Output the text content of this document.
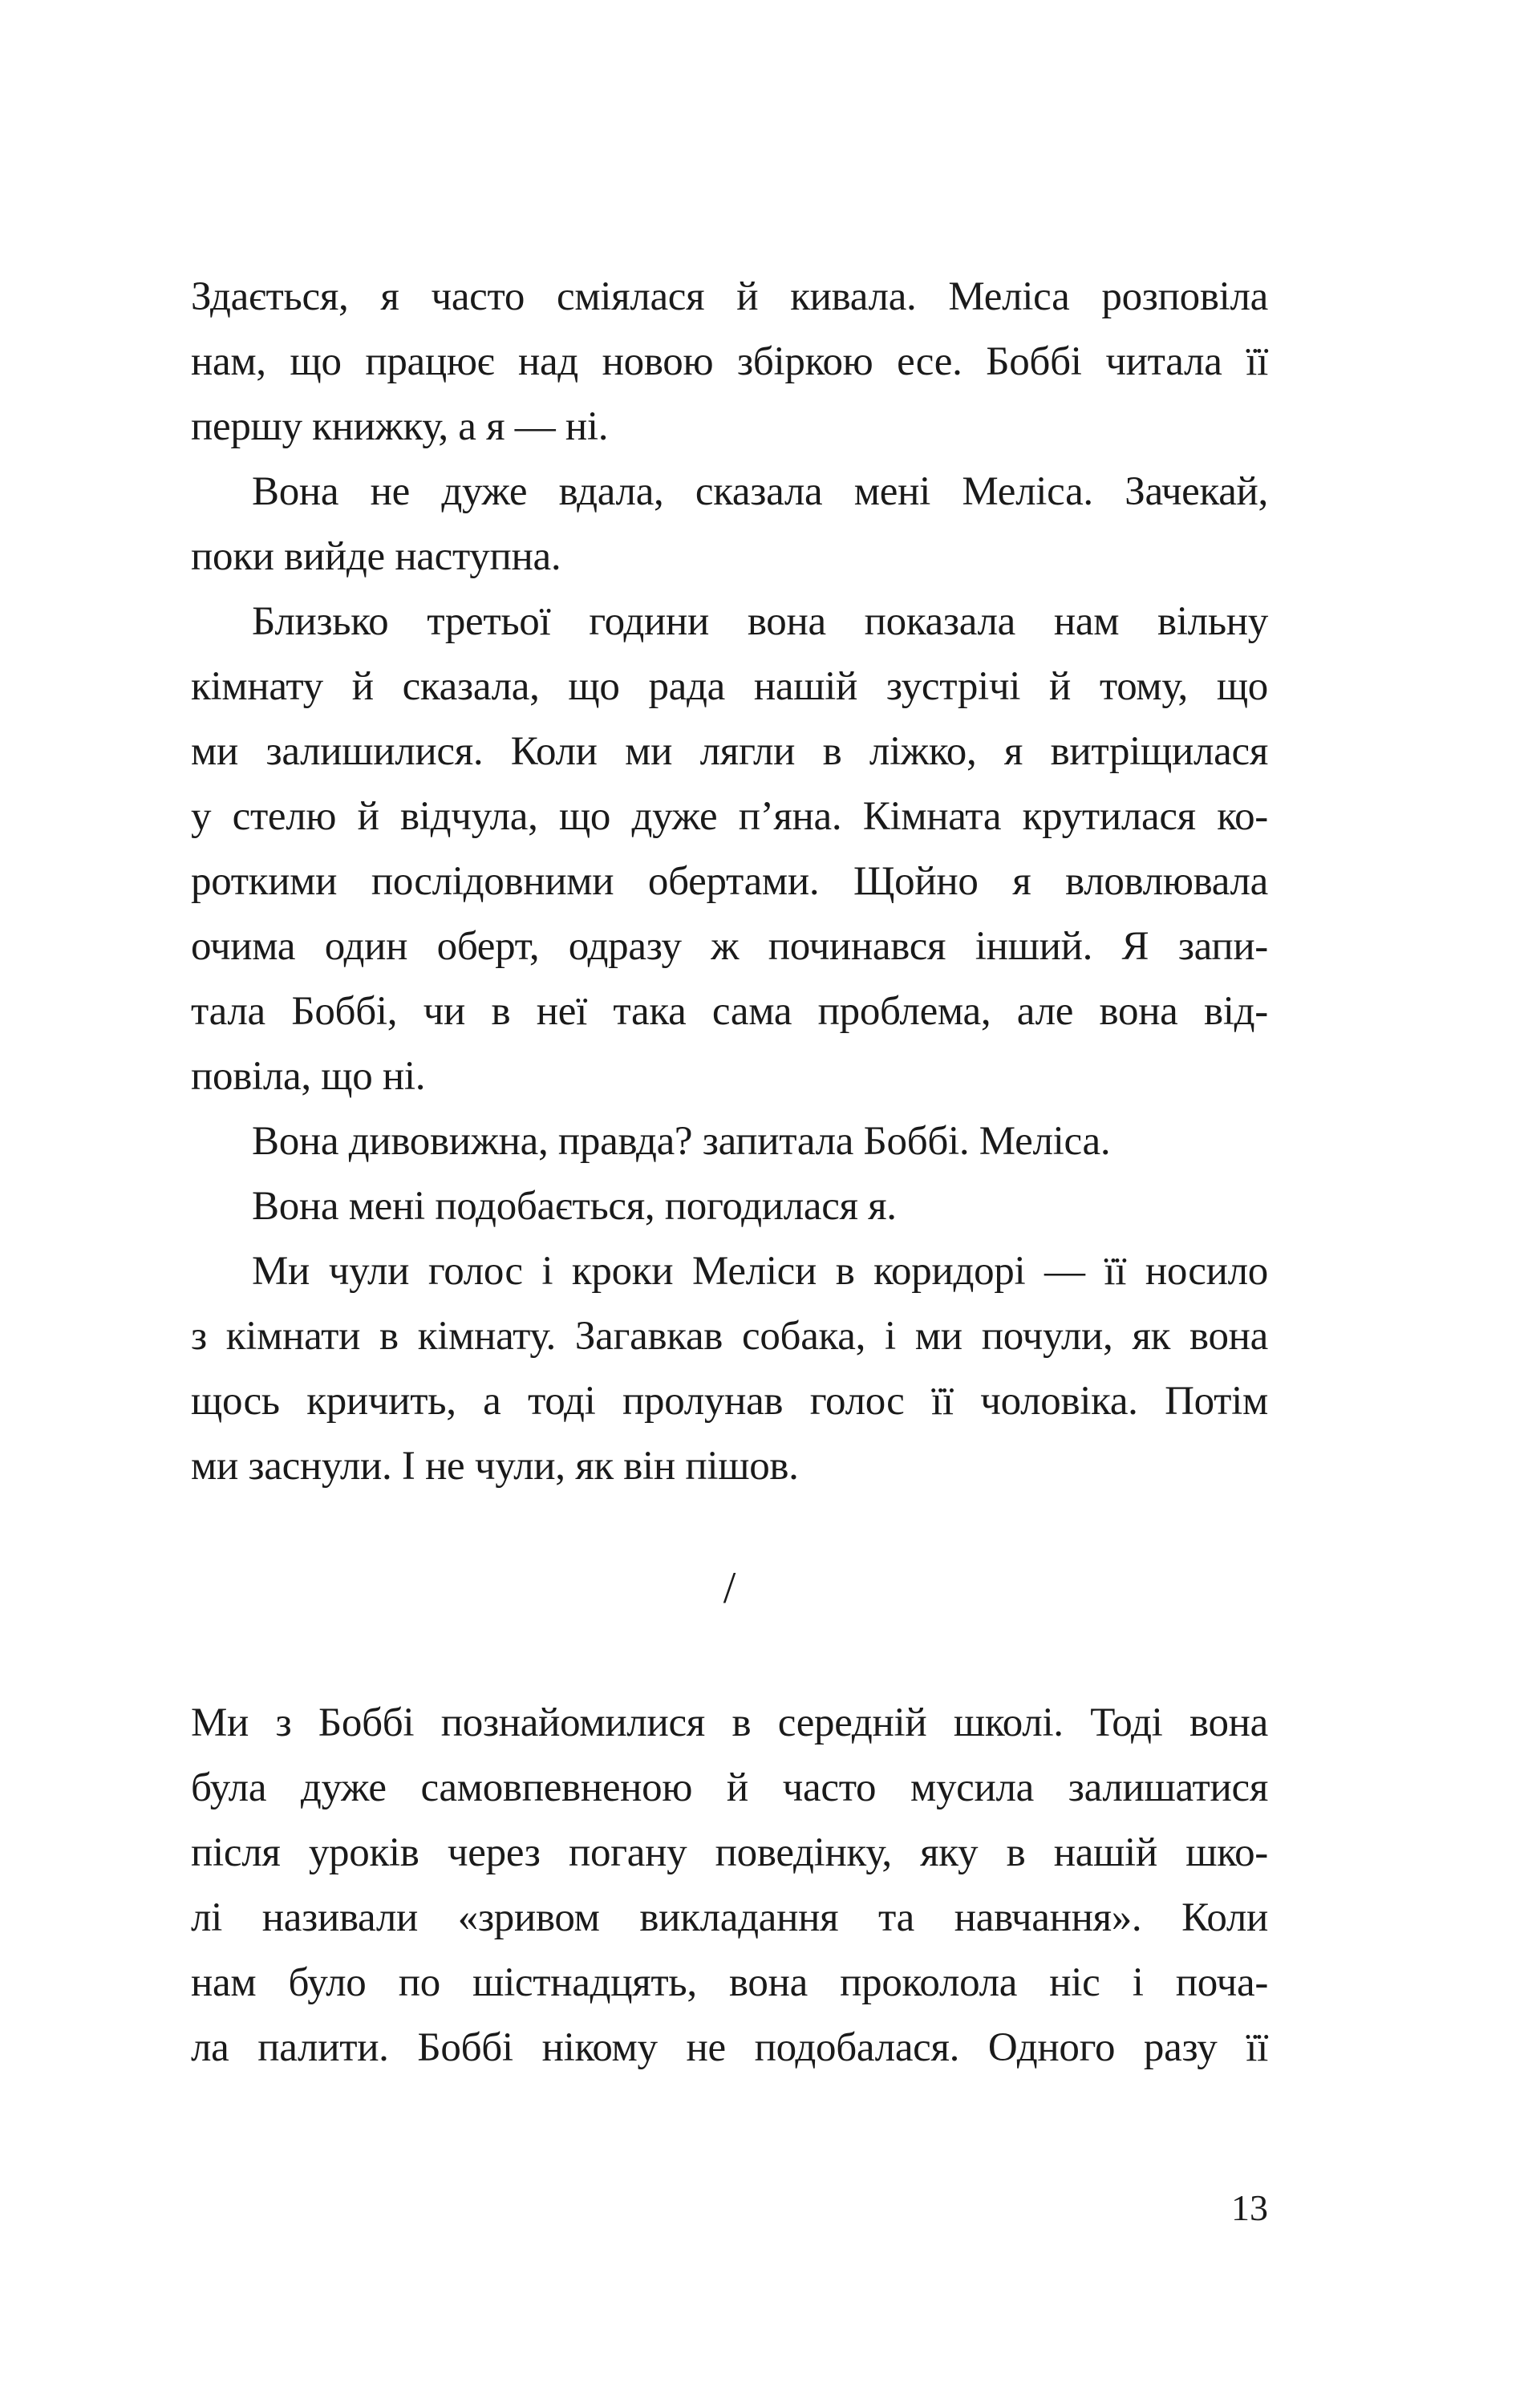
Здається, я часто сміялася й кивала. Меліса розповіла
нам, що працює над новою збіркою есе. Боббі читала її
першу книжку, а я — ні.
Вона не дуже вдала, сказала мені Меліса. Зачекай,
поки вийде наступна.
Близько третьої години вона показала нам вільну
кімнату й сказала, що рада нашій зустрічі й тому, що
ми залишилися. Коли ми лягли в ліжко, я витріщилася
у стелю й відчула, що дуже п’яна. Кімната крутилася ко-
роткими послідовними обертами. Щойно я вловлювала
очима один оберт, одразу ж починався інший. Я запи-
тала Боббі, чи в неї така сама проблема, але вона від-
повіла, що ні.
Вона дивовижна, правда? запитала Боббі. Меліса.
Вона мені подобається, погодилася я.
Ми чули голос і кроки Меліси в коридорі — її носило
з кімнати в кімнату. Загавкав собака, і ми почули, як вона
щось кричить, а тоді пролунав голос її чоловіка. Потім
ми заснули. І не чули, як він пішов.
/
Ми з Боббі познайомилися в середній школі. Тоді вона
була дуже самовпевненою й часто мусила залишатися
після уроків через погану поведінку, яку в нашій шко-
лі називали «зривом викладання та навчання». Коли
нам було по шістнадцять, вона проколола ніс і поча-
ла палити. Боббі нікому не подобалася. Одного разу її
13
